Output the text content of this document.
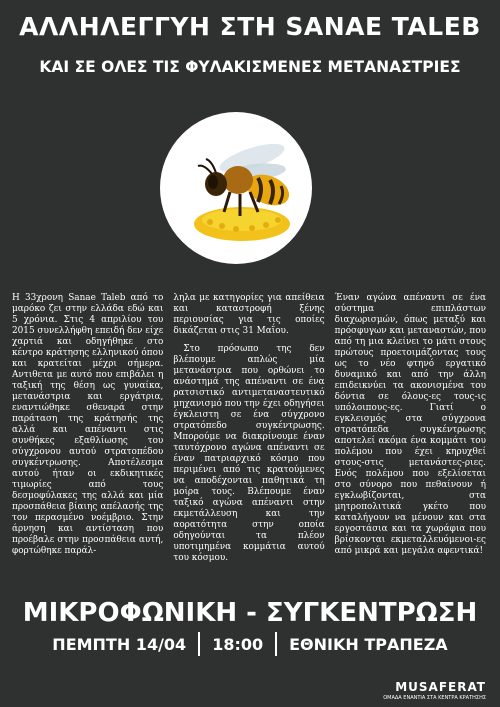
ΑΛΛΗΛΕΓΓΥΗ ΣΤΗ SANAE TALEB
ΚΑΙ ΣΕ ΟΛΕΣ ΤΙΣ ΦΥΛΑΚΙΣΜΕΝΕΣ ΜΕΤΑΝΑΣΤΡΙΕΣ

Η 33χρονη Sanae Taleb από το μαρόκο ζει στην ελλάδα εδώ και 5 χρόνια. Στις 4 απριλίου του 2015 συνελλήφθη επειδή δεν είχε χαρτιά και οδηγήθηκε στο κέντρο κράτησης ελληνικού όπου και κρατείται μέχρι σήμερα. Αντιθετα με αυτό που επιβάλει η ταξική της θέση ως γυναίκα, μετανάστρια και εργάτρια, εναντιώθηκε σθεναρά στην παράταση της κράτησής της αλλά και απέναντι στις συνθήκες εξαθλίωσης του σύγχρονου αυτού στρατοπέδου συγκέντρωσης. Αποτέλεσμα αυτού ήταν οι εκδικητικές τιμωρίες από τους δεσμοφύλακες της αλλά και μία προσπάθεια βίαιης απέλασής της τον περασμένο νοέμβριο. Στην άρνηση και αντίσταση που προέβαλε στην προσπάθεια αυτή, φορτώθηκε παράλ-

ληλα με κατηγορίες για απείθεια και καταστροφή ξένης περιουσίας για τις οποίες δικάζεται στις 31 Μαΐου.

Στο πρόσωπο της δεν βλέπουμε απλώς μία μετανάστρια που ορθώνει το ανάστημά της απέναντι σε ένα ρατσιστικό αντιμεταναστευτικό μηχανισμό που την έχει οδηγήσει έγκλειστη σε ένα σύγχρονο στρατόπεδο συγκέντρωσης. Μπορούμε να διακρίνουμε έναν ταυτόχρονο αγώνα απέναντι σε έναν πατριαρχικό κόσμο που περιμένει από τις κρατούμενες να αποδέχονται παθητικά τη μοίρα τους. Βλέπουμε έναν ταξικό αγώνα απέναντι στην εκμετάλλευση και την αορατότητα στην οποία οδηγούνται τα πλέον υποτιμημένα κομμάτια αυτού του κόσμου.

Έναν αγώνα απέναντι σε ένα σύστημα επιπλάστων διαχωρισμών, όπως μεταξύ και πρόσφυγων και μεταναστών, που από τη μια κλείνει το μάτι στους πρώτους προετοιμάζοντας τους ως το νέο φτηνό εργατικό δυναμικό και από την άλλη επιδεικνύει τα ακονισμένα του δόντια σε όλους-ες τους-ις υπόλοιπους-ες. Γιατί ο εγκλεισμός στα σύγχρονα στρατόπεδα συγκέντρωσης αποτελεί ακόμα ένα κομμάτι του πολέμου που έχει κηρυχθεί στους-στις μετανάστες-ριες. Ενός πολέμου που εξελίσεται στο σύνορο που πεθαίνουν ή εγκλωβίζονται, στα μητροπολιτικά γκέτο που καταλήγουν να μένουν και στα εργοστάσια και τα χωράφια που βρίσκονται εκμεταλλευόμενοι-ες από μικρά και μεγάλα αφεντικά!

ΜΙΚΡΟΦΩΝΙΚΗ - ΣΥΓΚΕΝΤΡΩΣΗ
ΠΕΜΠΤΗ 14/04 18:00 ΕΘΝΙΚΗ ΤΡΑΠΕΖΑ
MUSAFERAT
ΟΜΑΔΑ ΕΝΑΝΤΙΑ ΣΤΑ ΚΕΝΤΡΑ ΚΡΑΤΗΣΗΣ
